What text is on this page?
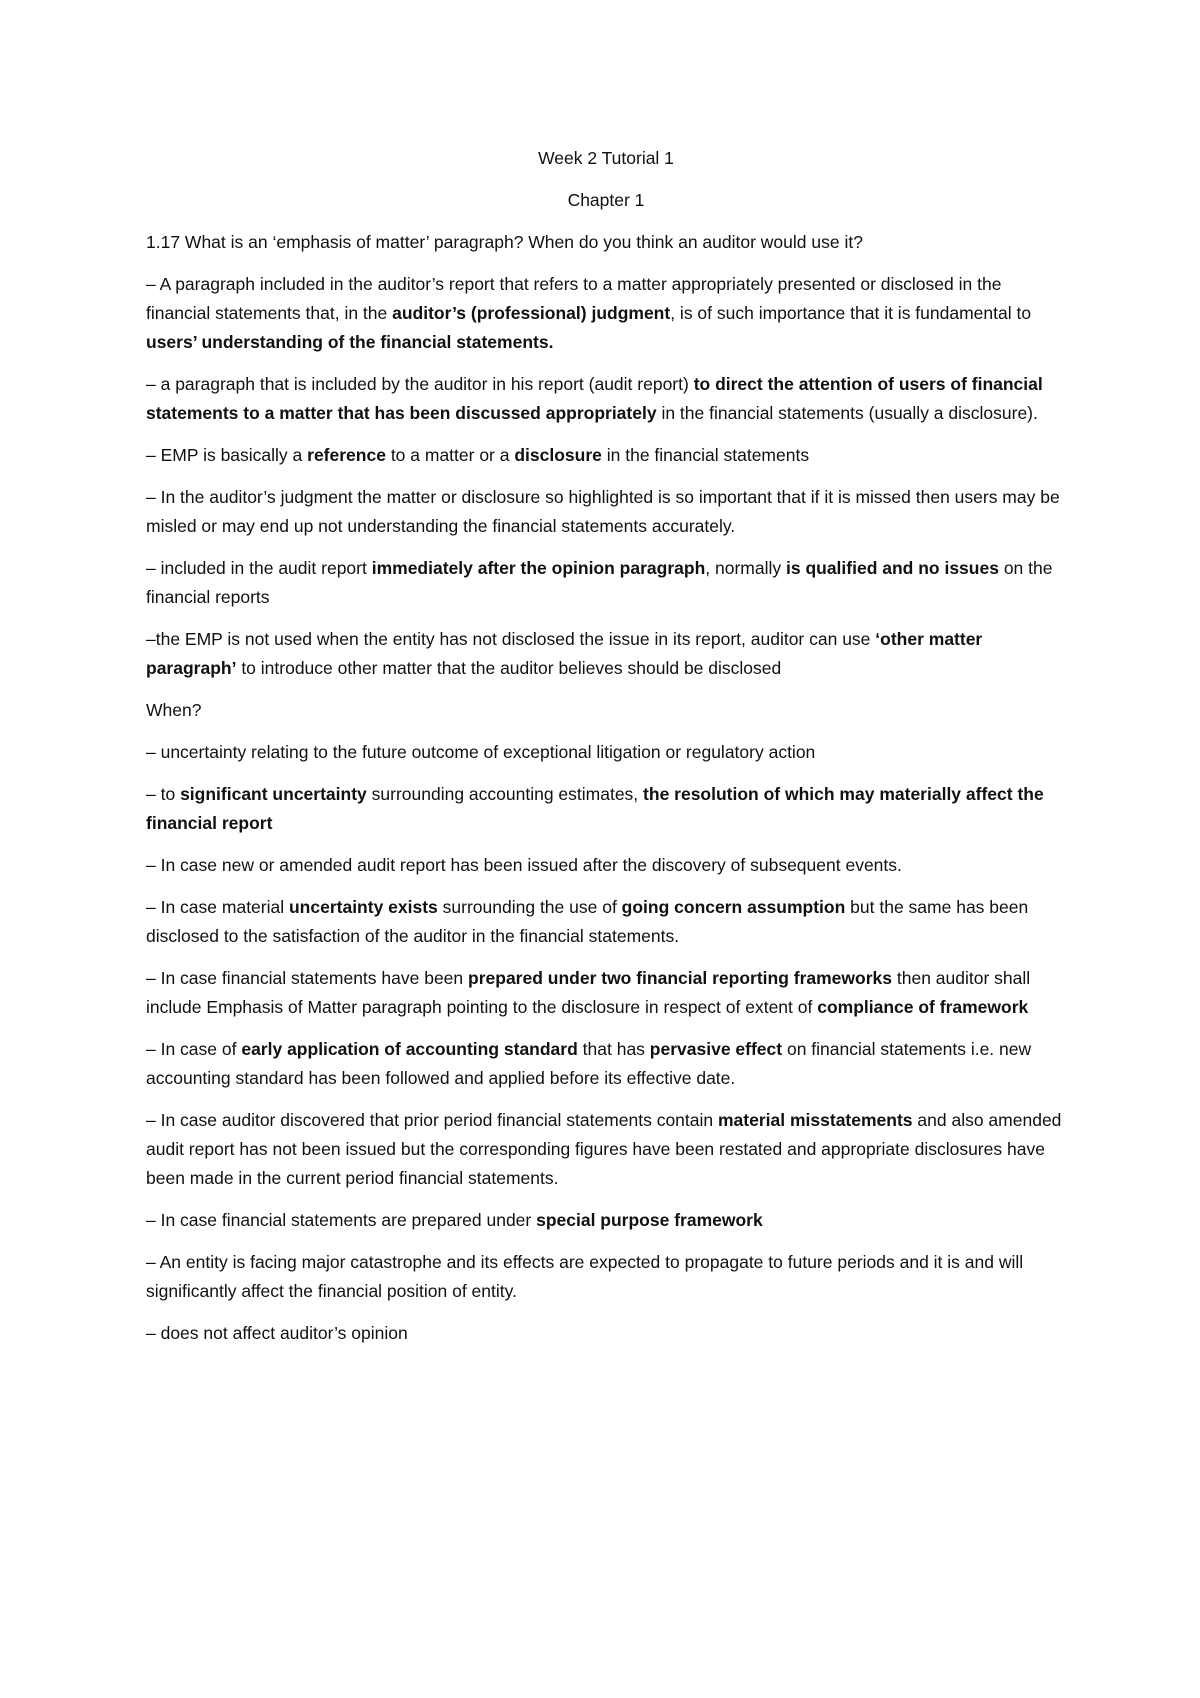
Week 2 Tutorial 1

Chapter 1

1.17 What is an ‘emphasis of matter’ paragraph? When do you think an auditor would use it?

– A paragraph included in the auditor’s report that refers to a matter appropriately presented or disclosed in the financial statements that, in the auditor’s (professional) judgment, is of such importance that it is fundamental to users’ understanding of the financial statements.

– a paragraph that is included by the auditor in his report (audit report) to direct the attention of users of financial statements to a matter that has been discussed appropriately in the financial statements (usually a disclosure).

– EMP is basically a reference to a matter or a disclosure in the financial statements

– In the auditor’s judgment the matter or disclosure so highlighted is so important that if it is missed then users may be misled or may end up not understanding the financial statements accurately.

– included in the audit report immediately after the opinion paragraph, normally is qualified and no issues on the financial reports

–the EMP is not used when the entity has not disclosed the issue in its report, auditor can use ‘other matter paragraph’ to introduce other matter that the auditor believes should be disclosed

When?

– uncertainty relating to the future outcome of exceptional litigation or regulatory action

– to significant uncertainty surrounding accounting estimates, the resolution of which may materially affect the financial report

– In case new or amended audit report has been issued after the discovery of subsequent events.

– In case material uncertainty exists surrounding the use of going concern assumption but the same has been disclosed to the satisfaction of the auditor in the financial statements.

– In case financial statements have been prepared under two financial reporting frameworks then auditor shall include Emphasis of Matter paragraph pointing to the disclosure in respect of extent of compliance of framework

– In case of early application of accounting standard that has pervasive effect on financial statements i.e. new accounting standard has been followed and applied before its effective date.

– In case auditor discovered that prior period financial statements contain material misstatements and also amended audit report has not been issued but the corresponding figures have been restated and appropriate disclosures have been made in the current period financial statements.

– In case financial statements are prepared under special purpose framework

– An entity is facing major catastrophe and its effects are expected to propagate to future periods and it is and will significantly affect the financial position of entity.

– does not affect auditor’s opinion
